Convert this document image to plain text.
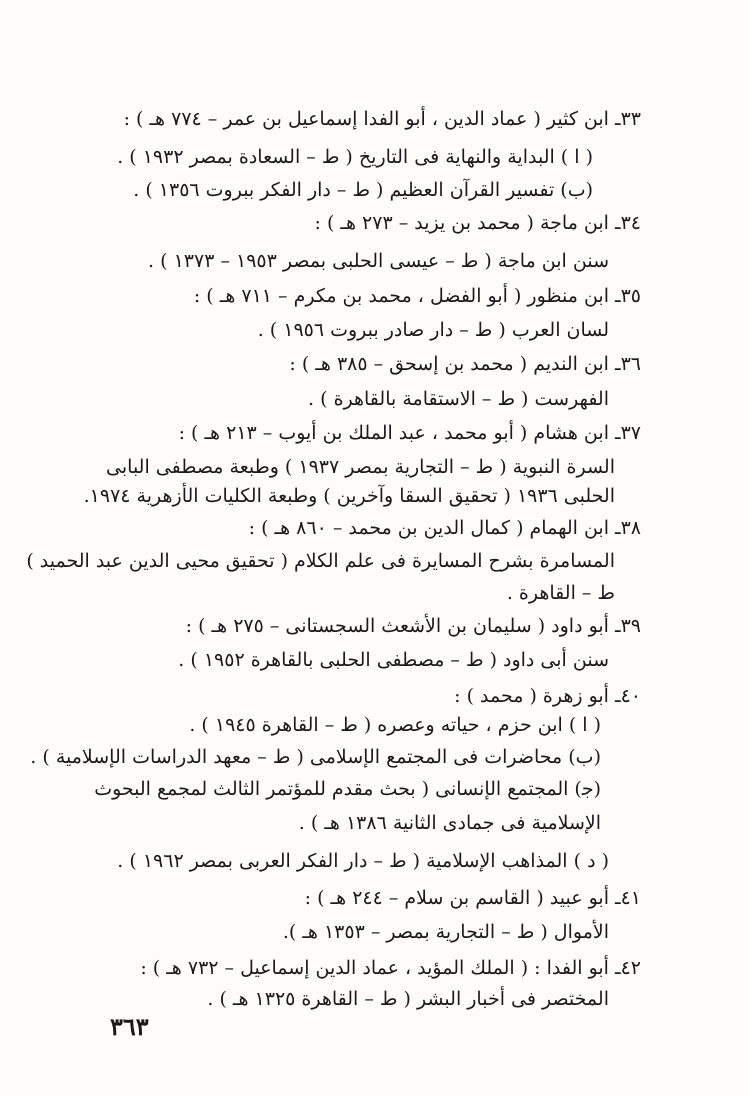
٣٣ـ ابن كثير ( عماد الدين ، أبو الفدا إسماعيل بن عمر – ٧٧٤ هـ ) :
( ا ) البداية والنهاية فى التاريخ ( ط – السعادة بمصر ١٩٣٢ ) .
(ب) تفسير القرآن العظيم ( ط – دار الفكر ببروت ١٣٥٦ ) .
٣٤ـ ابن ماجة ( محمد بن يزيد – ٢٧٣ هـ ) :
سنن ابن ماجة ( ط – عيسى الحلبى بمصر ١٩٥٣ – ١٣٧٣ ) .
٣٥ـ ابن منظور ( أبو الفضل ، محمد بن مكرم – ٧١١ هـ ) :
لسان العرب ( ط – دار صادر ببروت ١٩٥٦ ) .
٣٦ـ ابن النديم ( محمد بن إسحق – ٣٨٥ هـ ) :
الفهرست ( ط – الاستقامة بالقاهرة ) .
٣٧ـ ابن هشام ( أبو محمد ، عبد الملك بن أيوب – ٢١٣ هـ ) :
السرة النبوية ( ط – التجارية بمصر ١٩٣٧ ) وطبعة مصطفى البابى
الحلبى ١٩٣٦ ( تحقيق السقا وآخرين ) وطبعة الكليات الأزهرية ١٩٧٤.
٣٨ـ ابن الهمام ( كمال الدين بن محمد – ٨٦٠ هـ ) :
المسامرة بشرح المسايرة فى علم الكلام ( تحقيق محيى الدين عبد الحميد )
ط – القاهرة .
٣٩ـ أبو داود ( سليمان بن الأشعث السجستانى – ٢٧٥ هـ ) :
سنن أبى داود ( ط – مصطفى الحلبى بالقاهرة ١٩٥٢ ) .
٤٠ـ أبو زهرة ( محمد ) :
( ا ) ابن حزم ، حياته وعصره ( ط – القاهرة ١٩٤٥ ) .
(ب) محاضرات فى المجتمع الإسلامى ( ط – معهد الدراسات الإسلامية ) .
(ﺟ) المجتمع الإنسانى ( بحث مقدم للمؤتمر الثالث لمجمع البحوث
الإسلامية فى جمادى الثانية ١٣٨٦ هـ ) .
( د ) المذاهب الإسلامية ( ط – دار الفكر العربى بمصر ١٩٦٢ ) .
٤١ـ أبو عبيد ( القاسم بن سلام – ٢٤٤ هـ ) :
الأموال ( ط – التجارية بمصر – ١٣٥٣ هـ ).
٤٢ـ أبو الفدا : ( الملك المؤيد ، عماد الدين إسماعيل – ٧٣٢ هـ ) :
المختصر فى أخبار البشر ( ط – القاهرة ١٣٢٥ هـ ) .
٣٦٣
